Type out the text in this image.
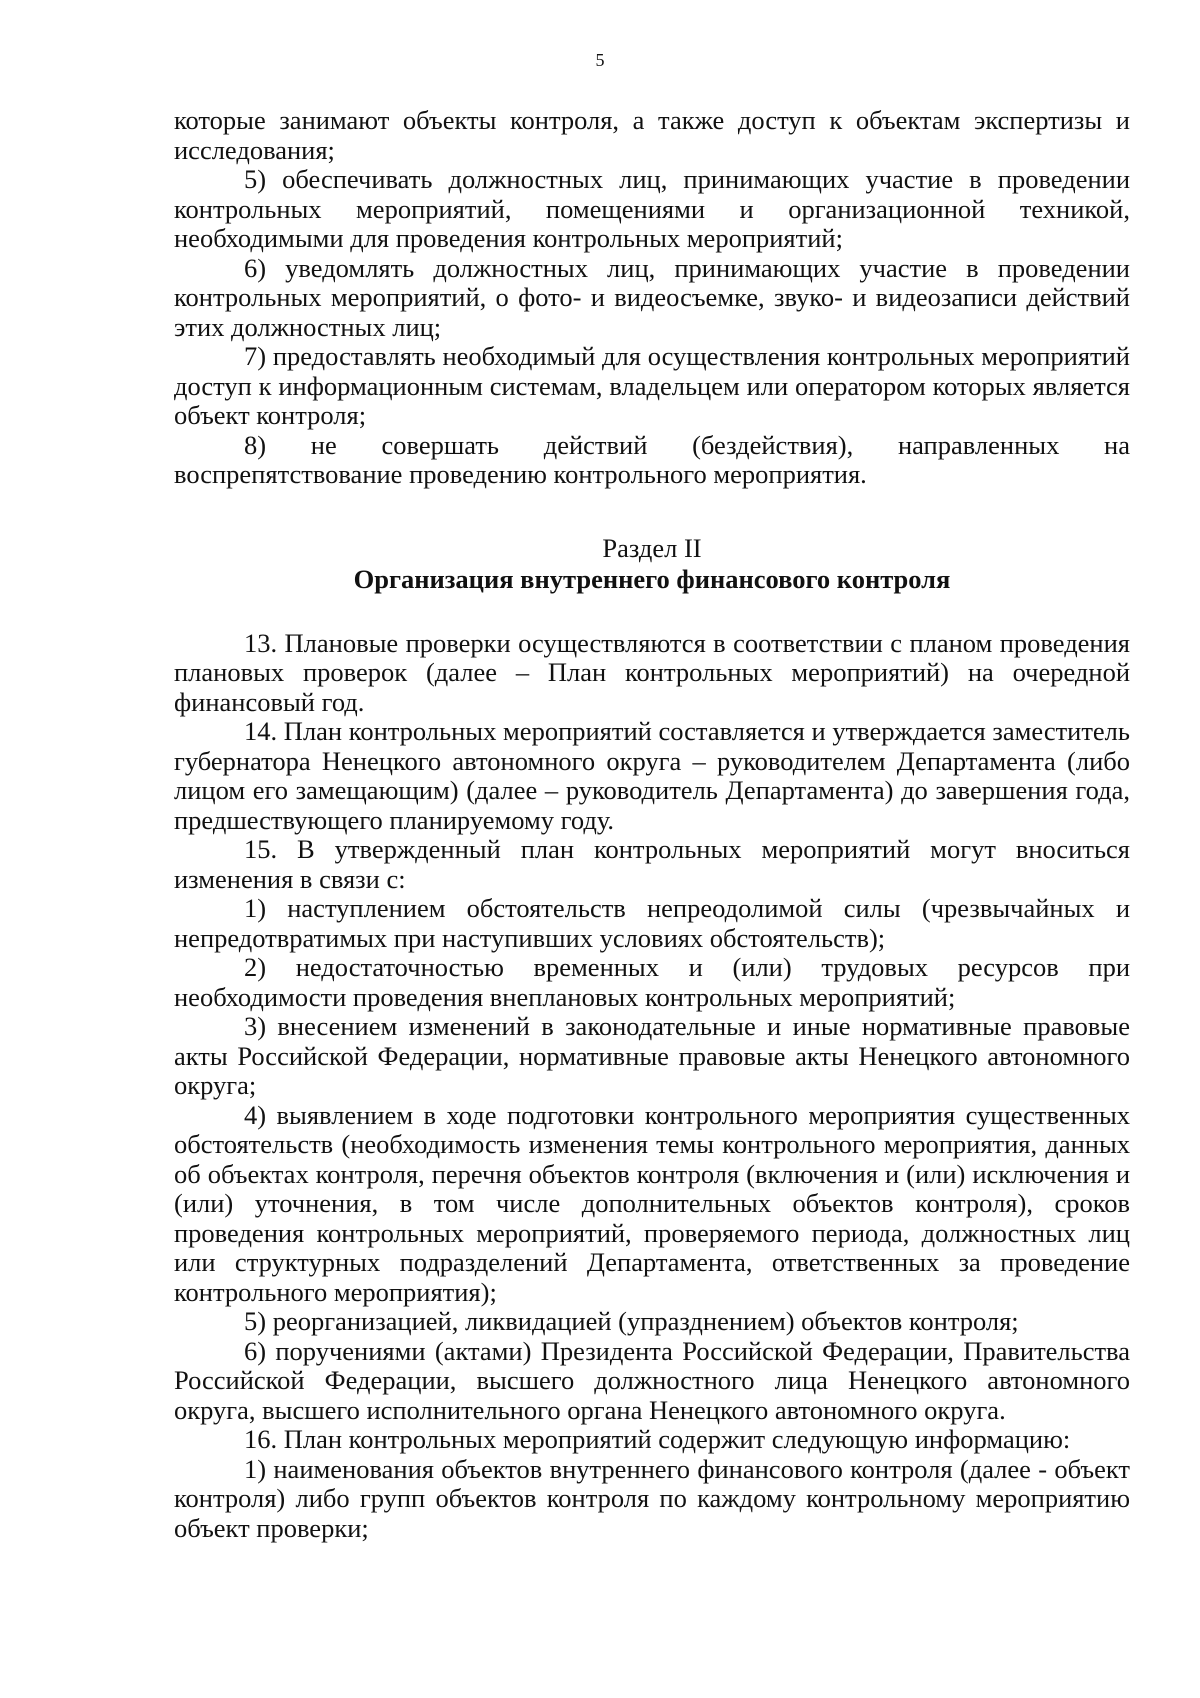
5

которые занимают объекты контроля, а также доступ к объектам экспертизы и исследования;

5) обеспечивать должностных лиц, принимающих участие в проведении контрольных мероприятий, помещениями и организационной техникой, необходимыми для проведения контрольных мероприятий;

6) уведомлять должностных лиц, принимающих участие в проведении контрольных мероприятий, о фото- и видеосъемке, звуко- и видеозаписи действий этих должностных лиц;

7) предоставлять необходимый для осуществления контрольных мероприятий доступ к информационным системам, владельцем или оператором которых является объект контроля;

8) не совершать действий (бездействия), направленных на воспрепятствование проведению контрольного мероприятия.

Раздел II

Организация внутреннего финансового контроля

13. Плановые проверки осуществляются в соответствии с планом проведения плановых проверок (далее – План контрольных мероприятий) на очередной финансовый год.

14. План контрольных мероприятий составляется и утверждается заместитель губернатора Ненецкого автономного округа – руководителем Департамента (либо лицом его замещающим) (далее – руководитель Департамента) до завершения года, предшествующего планируемому году.

15. В утвержденный план контрольных мероприятий могут вноситься изменения в связи с:

1) наступлением обстоятельств непреодолимой силы (чрезвычайных и непредотвратимых при наступивших условиях обстоятельств);

2) недостаточностью временных и (или) трудовых ресурсов при необходимости проведения внеплановых контрольных мероприятий;

3) внесением изменений в законодательные и иные нормативные правовые акты Российской Федерации, нормативные правовые акты Ненецкого автономного округа;

4) выявлением в ходе подготовки контрольного мероприятия существенных обстоятельств (необходимость изменения темы контрольного мероприятия, данных об объектах контроля, перечня объектов контроля (включения и (или) исключения и (или) уточнения, в том числе дополнительных объектов контроля), сроков проведения контрольных мероприятий, проверяемого периода, должностных лиц или структурных подразделений Департамента, ответственных за проведение контрольного мероприятия);

5) реорганизацией, ликвидацией (упразднением) объектов контроля;

6) поручениями (актами) Президента Российской Федерации, Правительства Российской Федерации, высшего должностного лица Ненецкого автономного округа, высшего исполнительного органа Ненецкого автономного округа.

16. План контрольных мероприятий содержит следующую информацию:

1) наименования объектов внутреннего финансового контроля (далее - объект контроля) либо групп объектов контроля по каждому контрольному мероприятию объект проверки;
